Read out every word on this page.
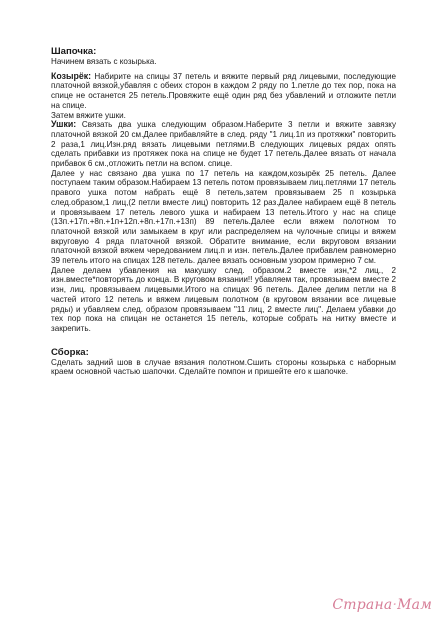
Шапочка:

Начинем вязать с козырька.

Козырёк: Набирите на спицы 37 петель и вяжите первый ряд лицевыми, последующие платочной вязкой,убавляя с обеих сторон в каждом 2 ряду по 1.петле до тех пор, пока на спице не останется 25 петель.Провяжите ещё один ряд без убавлений и отложите петли на спице.

Затем вяжите ушки.

Ушки: Связать два ушка следующим образом.Наберите 3 петли и вяжите завязку платочной вязкой 20 см.Далее прибавляйте в след. ряду "1 лиц.1п из протяжки" повторить 2 раза,1 лиц.Изн.ряд вязать лицевыми петлями.В следующих лицевых рядах опять сделать прибавки из протяжек пока на спице не будет 17 петель.Далее вязать от начала прибавок 6 см.,отложить петли на вспом. спице.

Далее у нас связано два ушка по 17 петель на каждом,козырёк 25 петель. Далее поступаем таким образом.Набираем 13 петель потом провязываем лиц.петлями 17 петель правого ушка потом набрать ещё 8 петель,затем провязываем 25 п козырька след.образом,1 лиц,(2 петли вместе лиц) повторить 12 раз.Далее набираем ещё 8 петель и провязываем 17 петель левого ушка и набираем 13 петель.Итого у нас на спице (13п.+17п.+8п.+1п+12п.+8п.+17п.+13п) 89 петель.Далее если вяжем полотном то платочной вязкой или замыкаем в круг или распределяем на чулочные спицы и вяжем вкруговую 4 ряда платочной вязкой. Обратите внимание, если вкруговом вязании платочной вязкой вяжем чередованием лиц.п и изн. петель.Далее прибавлем равномерно 39 петель итого на спицах 128 петель. далее вязать основным узором примерно 7 см.

Далее делаем убавления на макушку след. образом.2 вместе изн,*2 лиц., 2 изн.вместе*повторять до конца. В круговом вязании!! убавляем так, провязываем вместе 2 изн, лиц. провязываем лицевыми.Итого на спицах 96 петель. Далее делим петли на 8 частей итого 12 петель и вяжем лицевым полотном (в круговом вязании все лицевые ряды) и убавляем след. образом провязываем "11 лиц, 2 вместе лиц". Делаем убавки до тех пор пока на спицан не останется 15 петель, которые собрать на нитку вместе и закрепить.

Сборка:

Сделать задний шов в случае вязания полотном.Сшить стороны козырька с наборным краем основной частью шапочки. Сделайте помпон и пришейте его к шапочке.

Страна·Мам
